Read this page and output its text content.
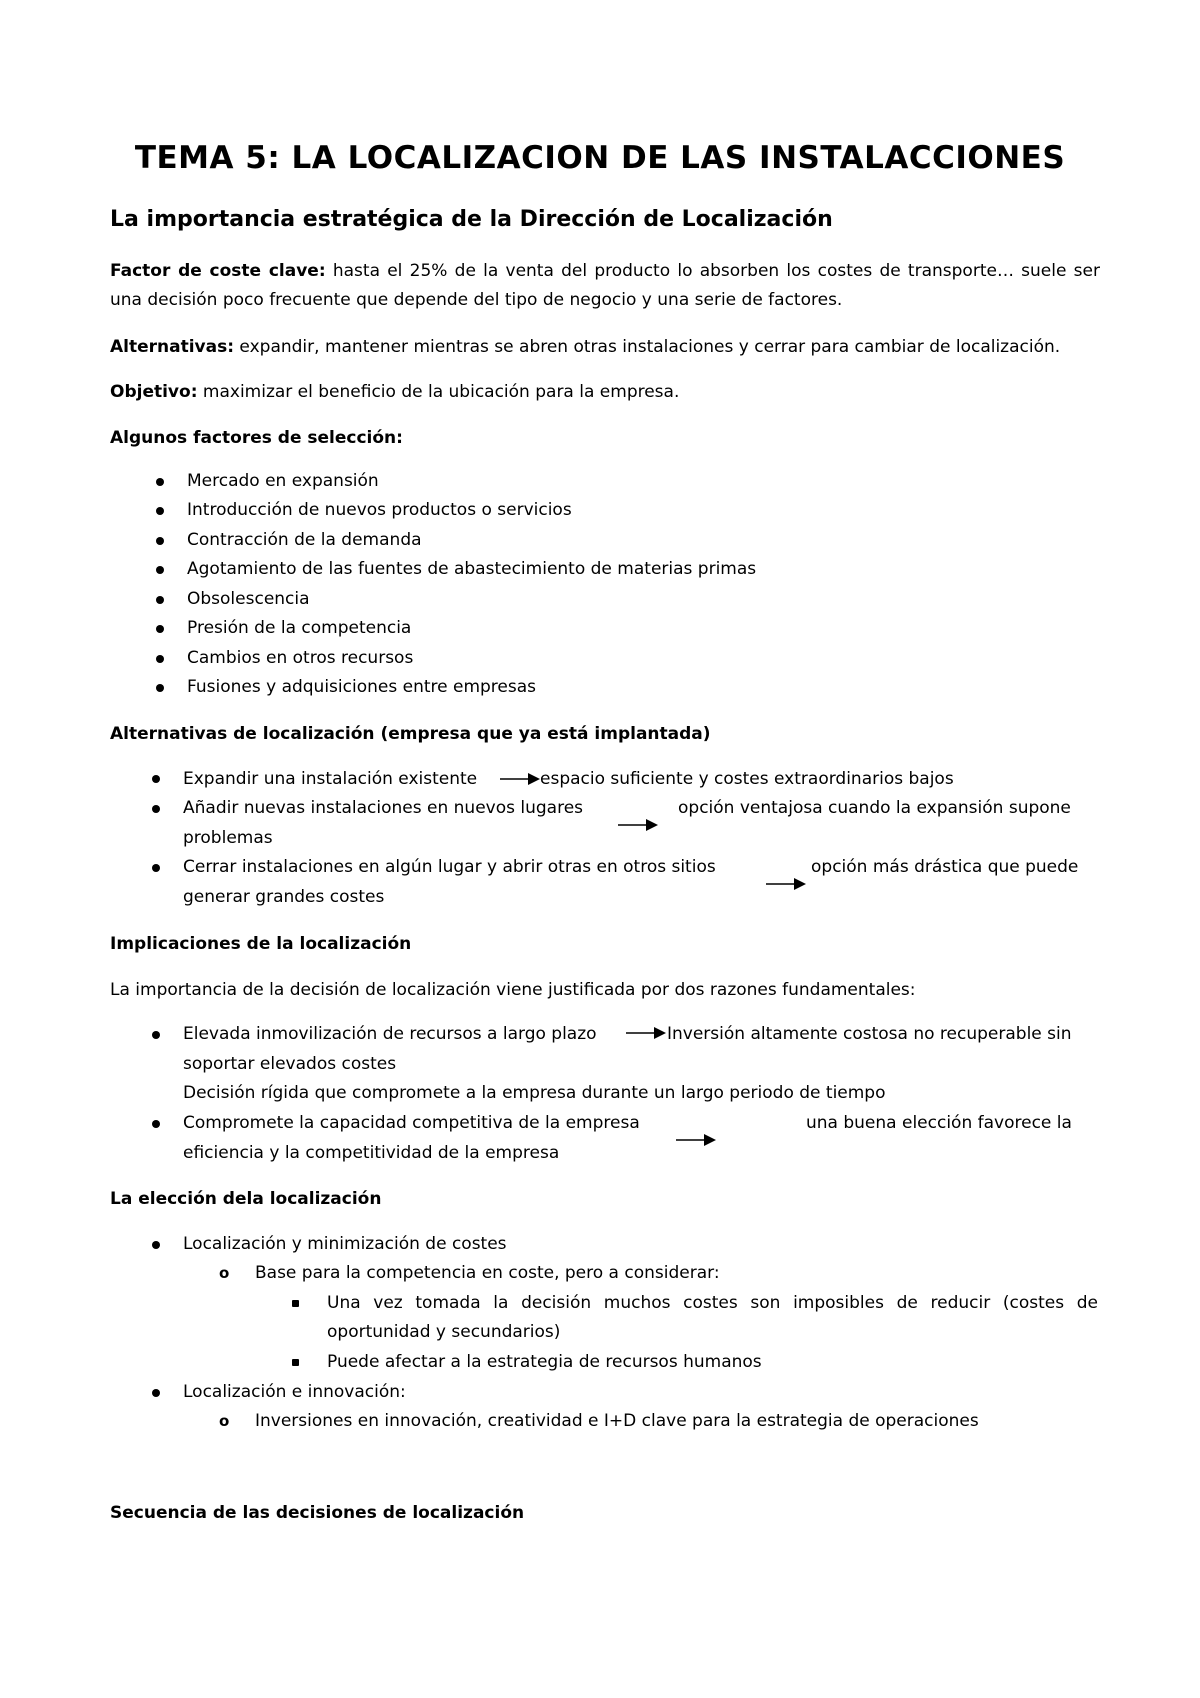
TEMA 5: LA LOCALIZACION DE LAS INSTALACCIONES
La importancia estratégica de la Dirección de Localización

Factor de coste clave: hasta el 25% de la venta del producto lo absorben los costes de transporte… suele ser una decisión poco frecuente que depende del tipo de negocio y una serie de factores.

Alternativas: expandir, mantener mientras se abren otras instalaciones y cerrar para cambiar de localización.

Objetivo: maximizar el beneficio de la ubicación para la empresa.

Algunos factores de selección:

Mercado en expansión

Introducción de nuevos productos o servicios

Contracción de la demanda

Agotamiento de las fuentes de abastecimiento de materias primas

Obsolescencia

Presión de la competencia

Cambios en otros recursos

Fusiones y adquisiciones entre empresas

Alternativas de localización (empresa que ya está implantada)

Expandir una instalación existente	espacio suficiente y costes extraordinarios bajos

Añadir nuevas instalaciones en nuevos lugares	opción ventajosa cuando la expansión supone

problemas

Cerrar instalaciones en algún lugar y abrir otras en otros sitios	opción más drástica que puede

generar grandes costes

Implicaciones de la localización

La importancia de la decisión de localización viene justificada por dos razones fundamentales:

Elevada inmovilización de recursos a largo plazo	Inversión altamente costosa no recuperable sin

soportar elevados costes

Decisión rígida que compromete a la empresa durante un largo periodo de tiempo

Compromete la capacidad competitiva de la empresa	una buena elección favorece la

eficiencia y la competitividad de la empresa

La elección dela localización

Localización y minimización de costes

o Base para la competencia en coste, pero a considerar:

Una vez tomada la decisión muchos costes son imposibles de reducir (costes de

oportunidad y secundarios)

Puede afectar a la estrategia de recursos humanos

Localización e innovación:

o Inversiones en innovación, creatividad e I+D clave para la estrategia de operaciones

Secuencia de las decisiones de localización
